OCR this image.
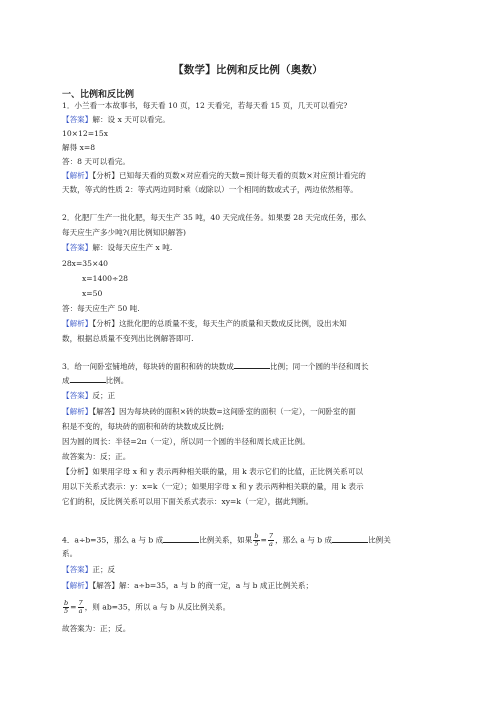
【数学】比例和反比例（奥数）
一、比例和反比例
1．小兰看一本故事书，每天看 10 页，12 天看完，若每天看 15 页，几天可以看完?
【答案】解：设 x 天可以看完。
10×12=15x
解得 x=8
答：8 天可以看完。
【解析】【分析】已知每天看的页数×对应看完的天数=预计每天看的页数×对应预计看完的
天数，等式的性质 2：等式两边同时乘（或除以）一个相同的数或式子，两边依然相等。
2．化肥厂生产一批化肥，每天生产 35 吨，40 天完成任务。如果要 28 天完成任务，那么
每天应生产多少吨?(用比例知识解答)
【答案】解：设每天应生产 x 吨.
28x=35×40
x=1400÷28
x=50
答：每天应生产 50 吨.
【解析】【分析】这批化肥的总质量不变，每天生产的质量和天数成反比例，设出未知
数，根据总质量不变列出比例解答即可.
3．给一间卧室铺地砖，每块砖的面积和砖的块数成	比例；同一个圆的半径和周长
成	比例。
【答案】反；正
【解析】【解答】因为每块砖的面积×砖的块数=这间卧室的面积（一定），一间卧室的面
积是不变的，每块砖的面积和砖的块数成反比例;
因为圆的周长：半径=2π（一定），所以同一个圆的半径和周长成正比例。
故答案为：反；正。
【分析】如果用字母 x 和 y 表示两种相关联的量，用 k 表示它们的比值，正比例关系可以
用以下关系式表示：y：x=k（一定）；如果用字母 x 和 y 表示两种相关联的量，用 k 表示
它们的积，反比例关系可以用下面关系式表示：xy=k（一定），据此判断。
4．a÷b=35，那么 a 与 b 成	比例关系，如果 $\frac{b}{5} = \frac{7}{a}$ ，那么 a 与 b 成	比例关
系。
【答案】正；反
【解析】【解答】解：a÷b=35，a 与 b 的商一定，a 与 b 成正比例关系；
$\frac{b}{5} = \frac{7}{a}$ ，则 ab=35，所以 a 与 b 从反比例关系。
故答案为：正；反。
